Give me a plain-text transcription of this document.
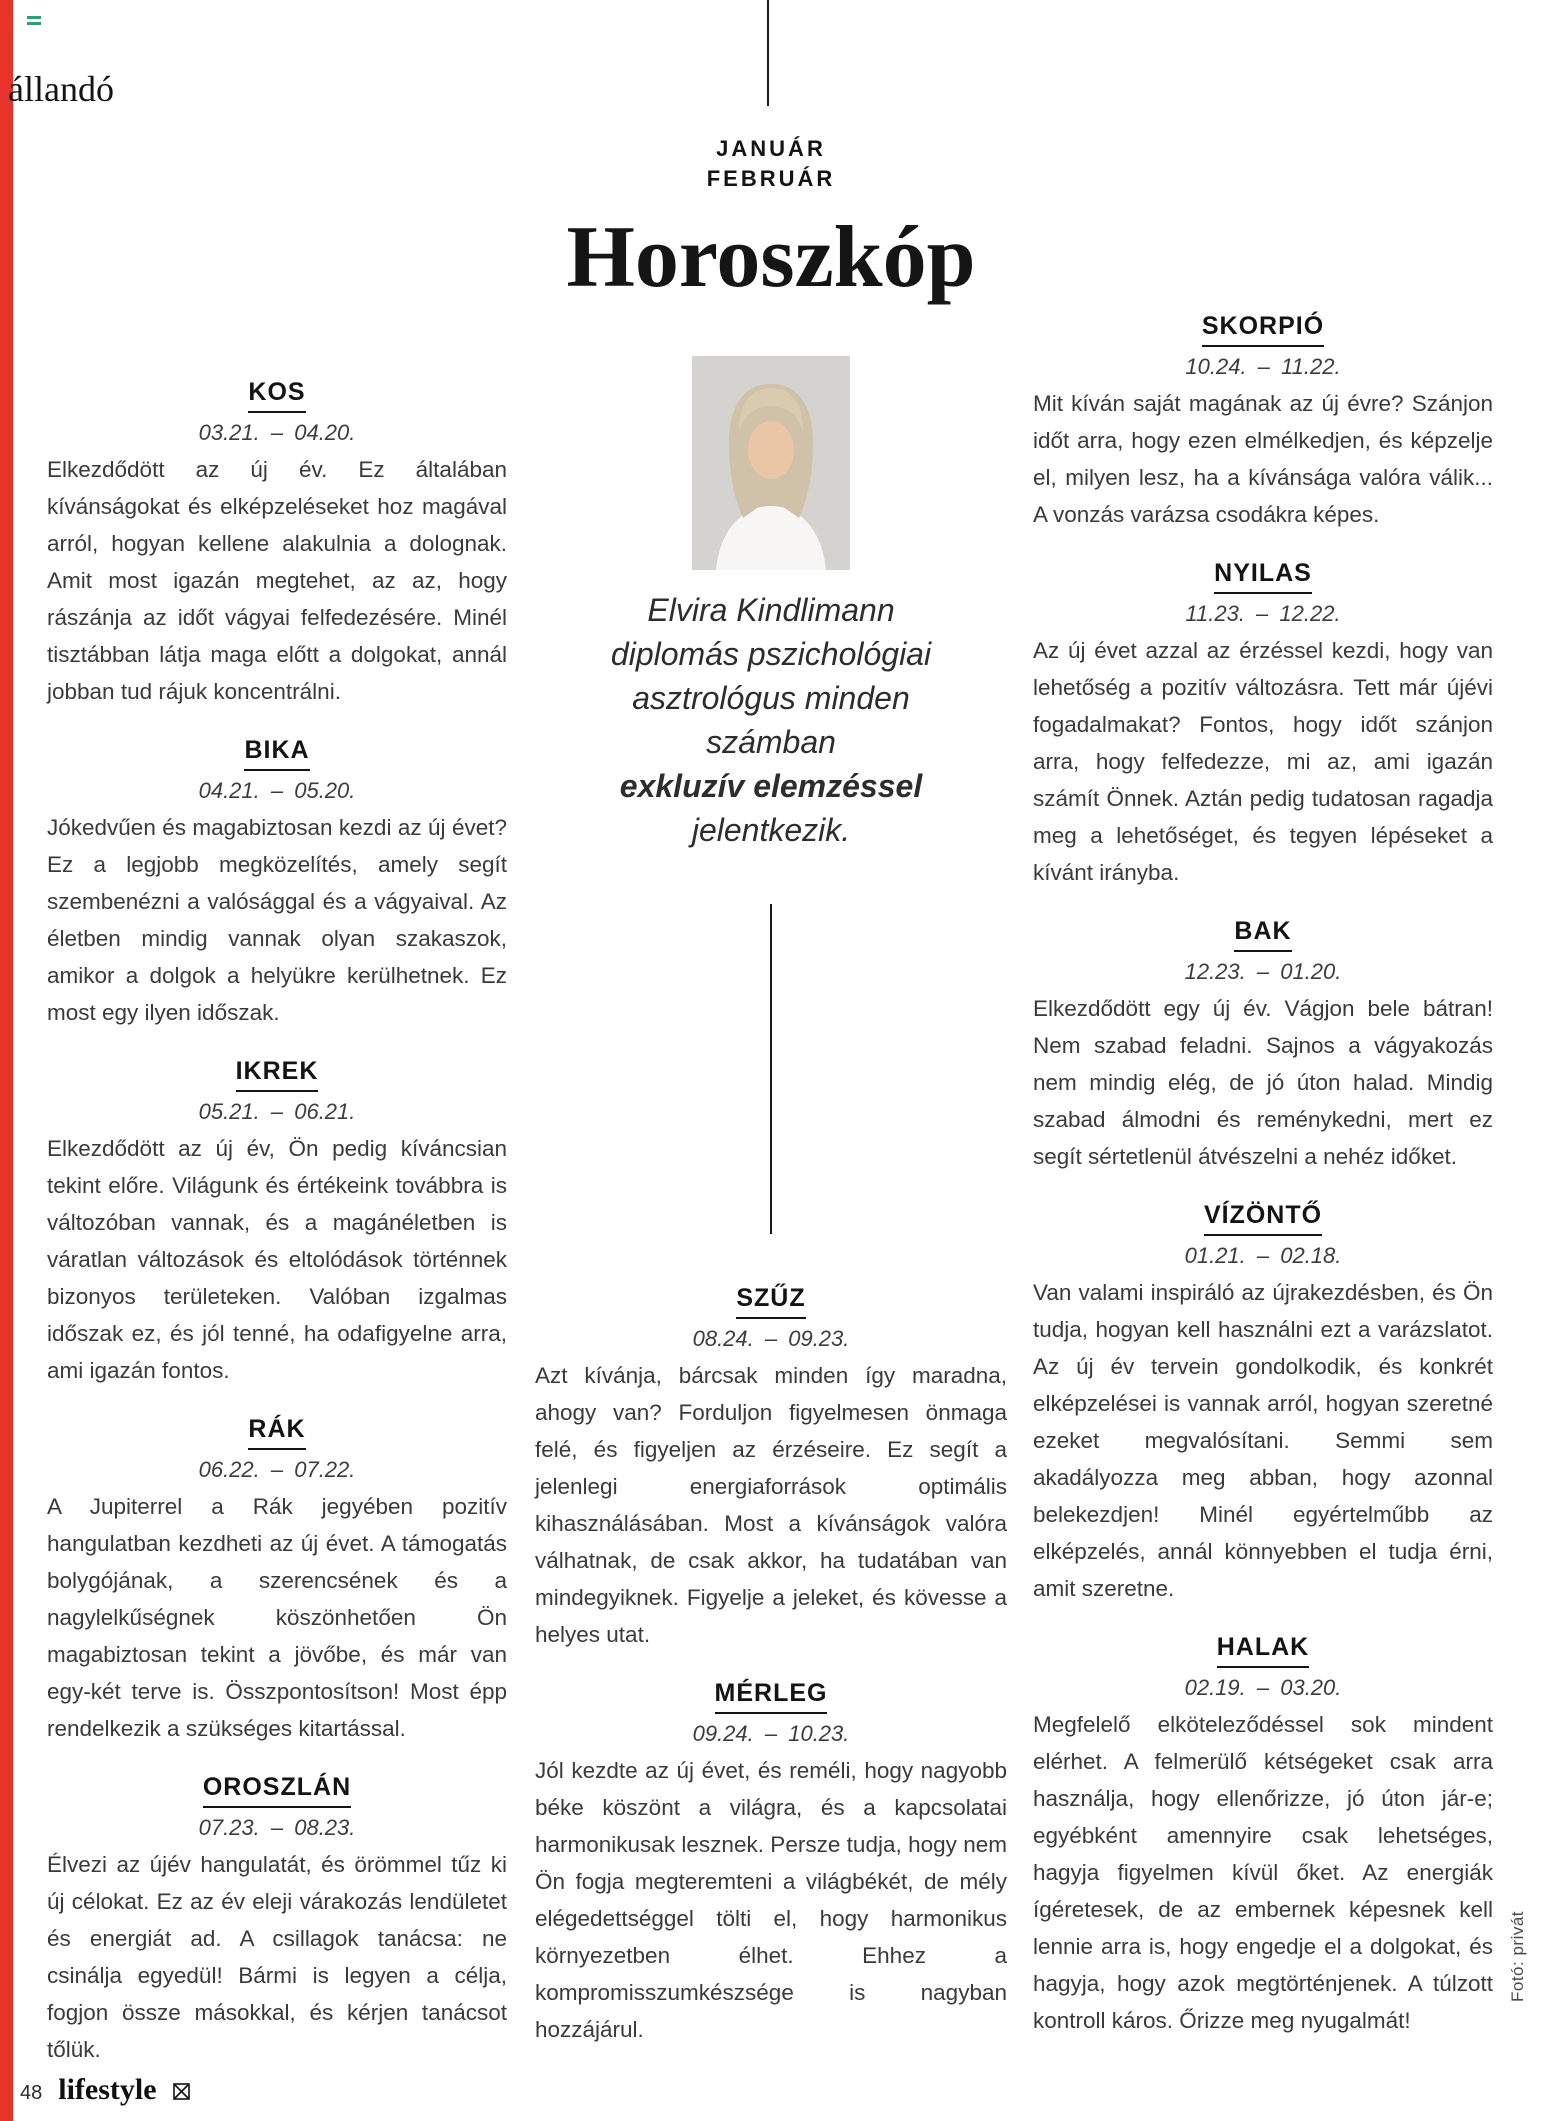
állandó
JANUÁR
FEBRUÁR
Horoszkóp
Elvira Kindlimann
diplomás pszichológiai
asztrológus minden
számban
exkluzív elemzéssel
jelentkezik.
SZŰZ
08.24. – 09.23.

Azt kívánja, bárcsak minden így maradna, ahogy van? Forduljon figyelmesen önmaga felé, és figyeljen az érzéseire. Ez segít a jelenlegi energiaforrások optimális kihasználásában. Most a kívánságok valóra válhatnak, de csak akkor, ha tudatában van mindegyiknek. Figyelje a jeleket, és kövesse a helyes utat.

MÉRLEG
09.24. – 10.23.

Jól kezdte az új évet, és reméli, hogy nagyobb béke köszönt a világra, és a kapcsolatai harmonikusak lesznek. Persze tudja, hogy nem Ön fogja megteremteni a világbékét, de mély elégedettséggel tölti el, hogy harmonikus környezetben élhet. Ehhez a kompromisszumkészsége is nagyban hozzájárul.

KOS
03.21. – 04.20.

Elkezdődött az új év. Ez általában kívánságokat és elképzeléseket hoz magával arról, hogyan kellene alakulnia a dolognak. Amit most igazán megtehet, az az, hogy rászánja az időt vágyai felfedezésére. Minél tisztábban látja maga előtt a dolgokat, annál jobban tud rájuk koncentrálni.

BIKA
04.21. – 05.20.

Jókedvűen és magabiztosan kezdi az új évet? Ez a legjobb megközelítés, amely segít szembenézni a valósággal és a vágyaival. Az életben mindig vannak olyan szakaszok, amikor a dolgok a helyükre kerülhetnek. Ez most egy ilyen időszak.

IKREK
05.21. – 06.21.

Elkezdődött az új év, Ön pedig kíváncsian tekint előre. Világunk és értékeink továbbra is változóban vannak, és a magánéletben is váratlan változások és eltolódások történnek bizonyos területeken. Valóban izgalmas időszak ez, és jól tenné, ha odafigyelne arra, ami igazán fontos.

RÁK
06.22. – 07.22.

A Jupiterrel a Rák jegyében pozitív hangulatban kezdheti az új évet. A támogatás bolygójának, a szerencsének és a nagylelkűségnek köszönhetően Ön magabiztosan tekint a jövőbe, és már van egy-két terve is. Összpontosítson! Most épp rendelkezik a szükséges kitartással.

OROSZLÁN
07.23. – 08.23.

Élvezi az újév hangulatát, és örömmel tűz ki új célokat. Ez az év eleji várakozás lendületet és energiát ad. A csillagok tanácsa: ne csinálja egyedül! Bármi is legyen a célja, fogjon össze másokkal, és kérjen tanácsot tőlük.

SKORPIÓ
10.24. – 11.22.

Mit kíván saját magának az új évre? Szánjon időt arra, hogy ezen elmélkedjen, és képzelje el, milyen lesz, ha a kívánsága valóra válik... A vonzás varázsa csodákra képes.

NYILAS
11.23. – 12.22.

Az új évet azzal az érzéssel kezdi, hogy van lehetőség a pozitív változásra. Tett már újévi fogadalmakat? Fontos, hogy időt szánjon arra, hogy felfedezze, mi az, ami igazán számít Önnek. Aztán pedig tudatosan ragadja meg a lehetőséget, és tegyen lépéseket a kívánt irányba.

BAK
12.23. – 01.20.

Elkezdődött egy új év. Vágjon bele bátran! Nem szabad feladni. Sajnos a vágyakozás nem mindig elég, de jó úton halad. Mindig szabad álmodni és reménykedni, mert ez segít sértetlenül átvészelni a nehéz időket.

VÍZÖNTŐ
01.21. – 02.18.

Van valami inspiráló az újrakezdésben, és Ön tudja, hogyan kell használni ezt a varázslatot. Az új év tervein gondolkodik, és konkrét elképzelései is vannak arról, hogyan szeretné ezeket megvalósítani. Semmi sem akadályozza meg abban, hogy azonnal belekezdjen! Minél egyértelműbb az elképzelés, annál könnyebben el tudja érni, amit szeretne.

HALAK
02.19. – 03.20.

Megfelelő elköteleződéssel sok mindent elérhet. A felmerülő kétségeket csak arra használja, hogy ellenőrizze, jó úton jár-e; egyébként amennyire csak lehetséges, hagyja figyelmen kívül őket. Az energiák ígéretesek, de az embernek képesnek kell lennie arra is, hogy engedje el a dolgokat, és hagyja, hogy azok megtörténjenek. A túlzott kontroll káros. Őrizze meg nyugalmát!

Fotó: privát
48 lifestyle
